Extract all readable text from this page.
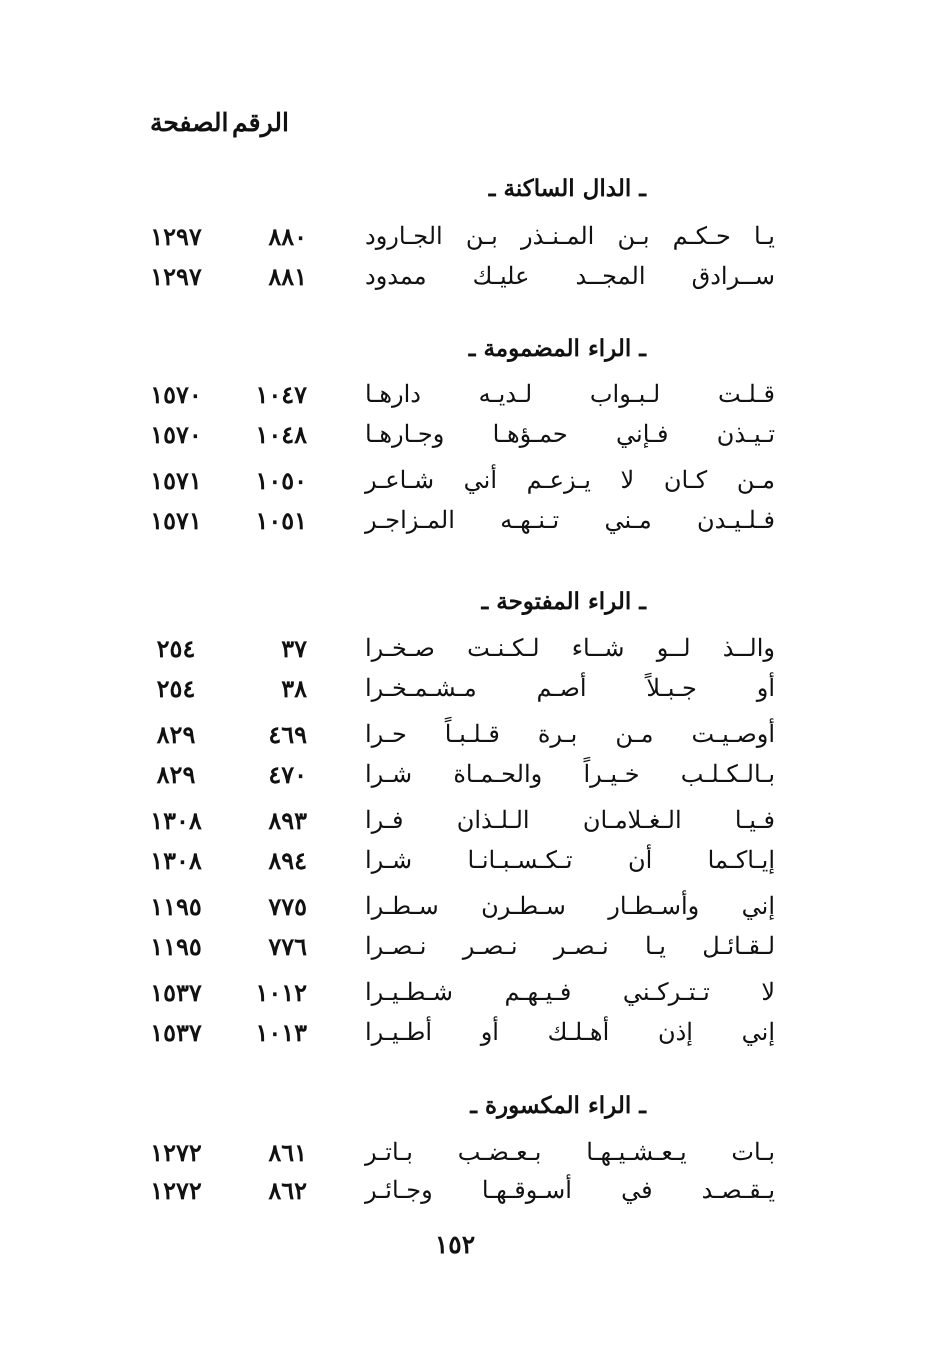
الرقم
الصفحة
ـ الدال الساكنة ـ
يـا حـكـم بـن المـنـذر بـن الجـارود
٨٨٠
١٢٩٧
ســرادق المجــد عليـك ممدود
٨٨١
١٢٩٧
ـ الراء المضمومة ـ
قـلـت لـبـواب لـديـه دارهـا
١٠٤٧
١٥٧٠
تـيـذن فـإني حمـؤهـا وجـارهـا
١٠٤٨
١٥٧٠
مـن كـان لا يـزعـم أني شـاعـر
١٠٥٠
١٥٧١
فـلـيـدن مـني تـنـهـه المـزاجـر
١٠٥١
١٥٧١
ـ الراء المفتوحة ـ
والــذ لــو شــاء لـكـنـت صـخـرا
٣٧
٢٥٤
أو جـبـلاً أصـم مـشـمـخـرا
٣٨
٢٥٤
أوصـيـت مـن بـرة قـلـبـاً حـرا
٤٦٩
٨٢٩
بـالـكـلـب خـيـراً والحـمـاة شـرا
٤٧٠
٨٢٩
فـيـا الـغـلامـان الـلـذان فـرا
٨٩٣
١٣٠٨
إيـاكـما أن تـكـسـبـانـا شـرا
٨٩٤
١٣٠٨
إني وأسـطـار سـطـرن سـطـرا
٧٧٥
١١٩٥
لـقـائـل يـا نـصـر نـصـر نـصـرا
٧٧٦
١١٩٥
لا تـتـركـني فـيـهـم شـطـيـرا
١٠١٢
١٥٣٧
إني إذن أهـلـك أو أطـيـرا
١٠١٣
١٥٣٧
ـ الراء المكسورة ـ
بـات يـعـشـيـهـا بـعـضـب بـاتـر
٨٦١
١٢٧٢
يـقـصـد في أسـوقـهـا وجـائـر
٨٦٢
١٢٧٢
١٥٢
